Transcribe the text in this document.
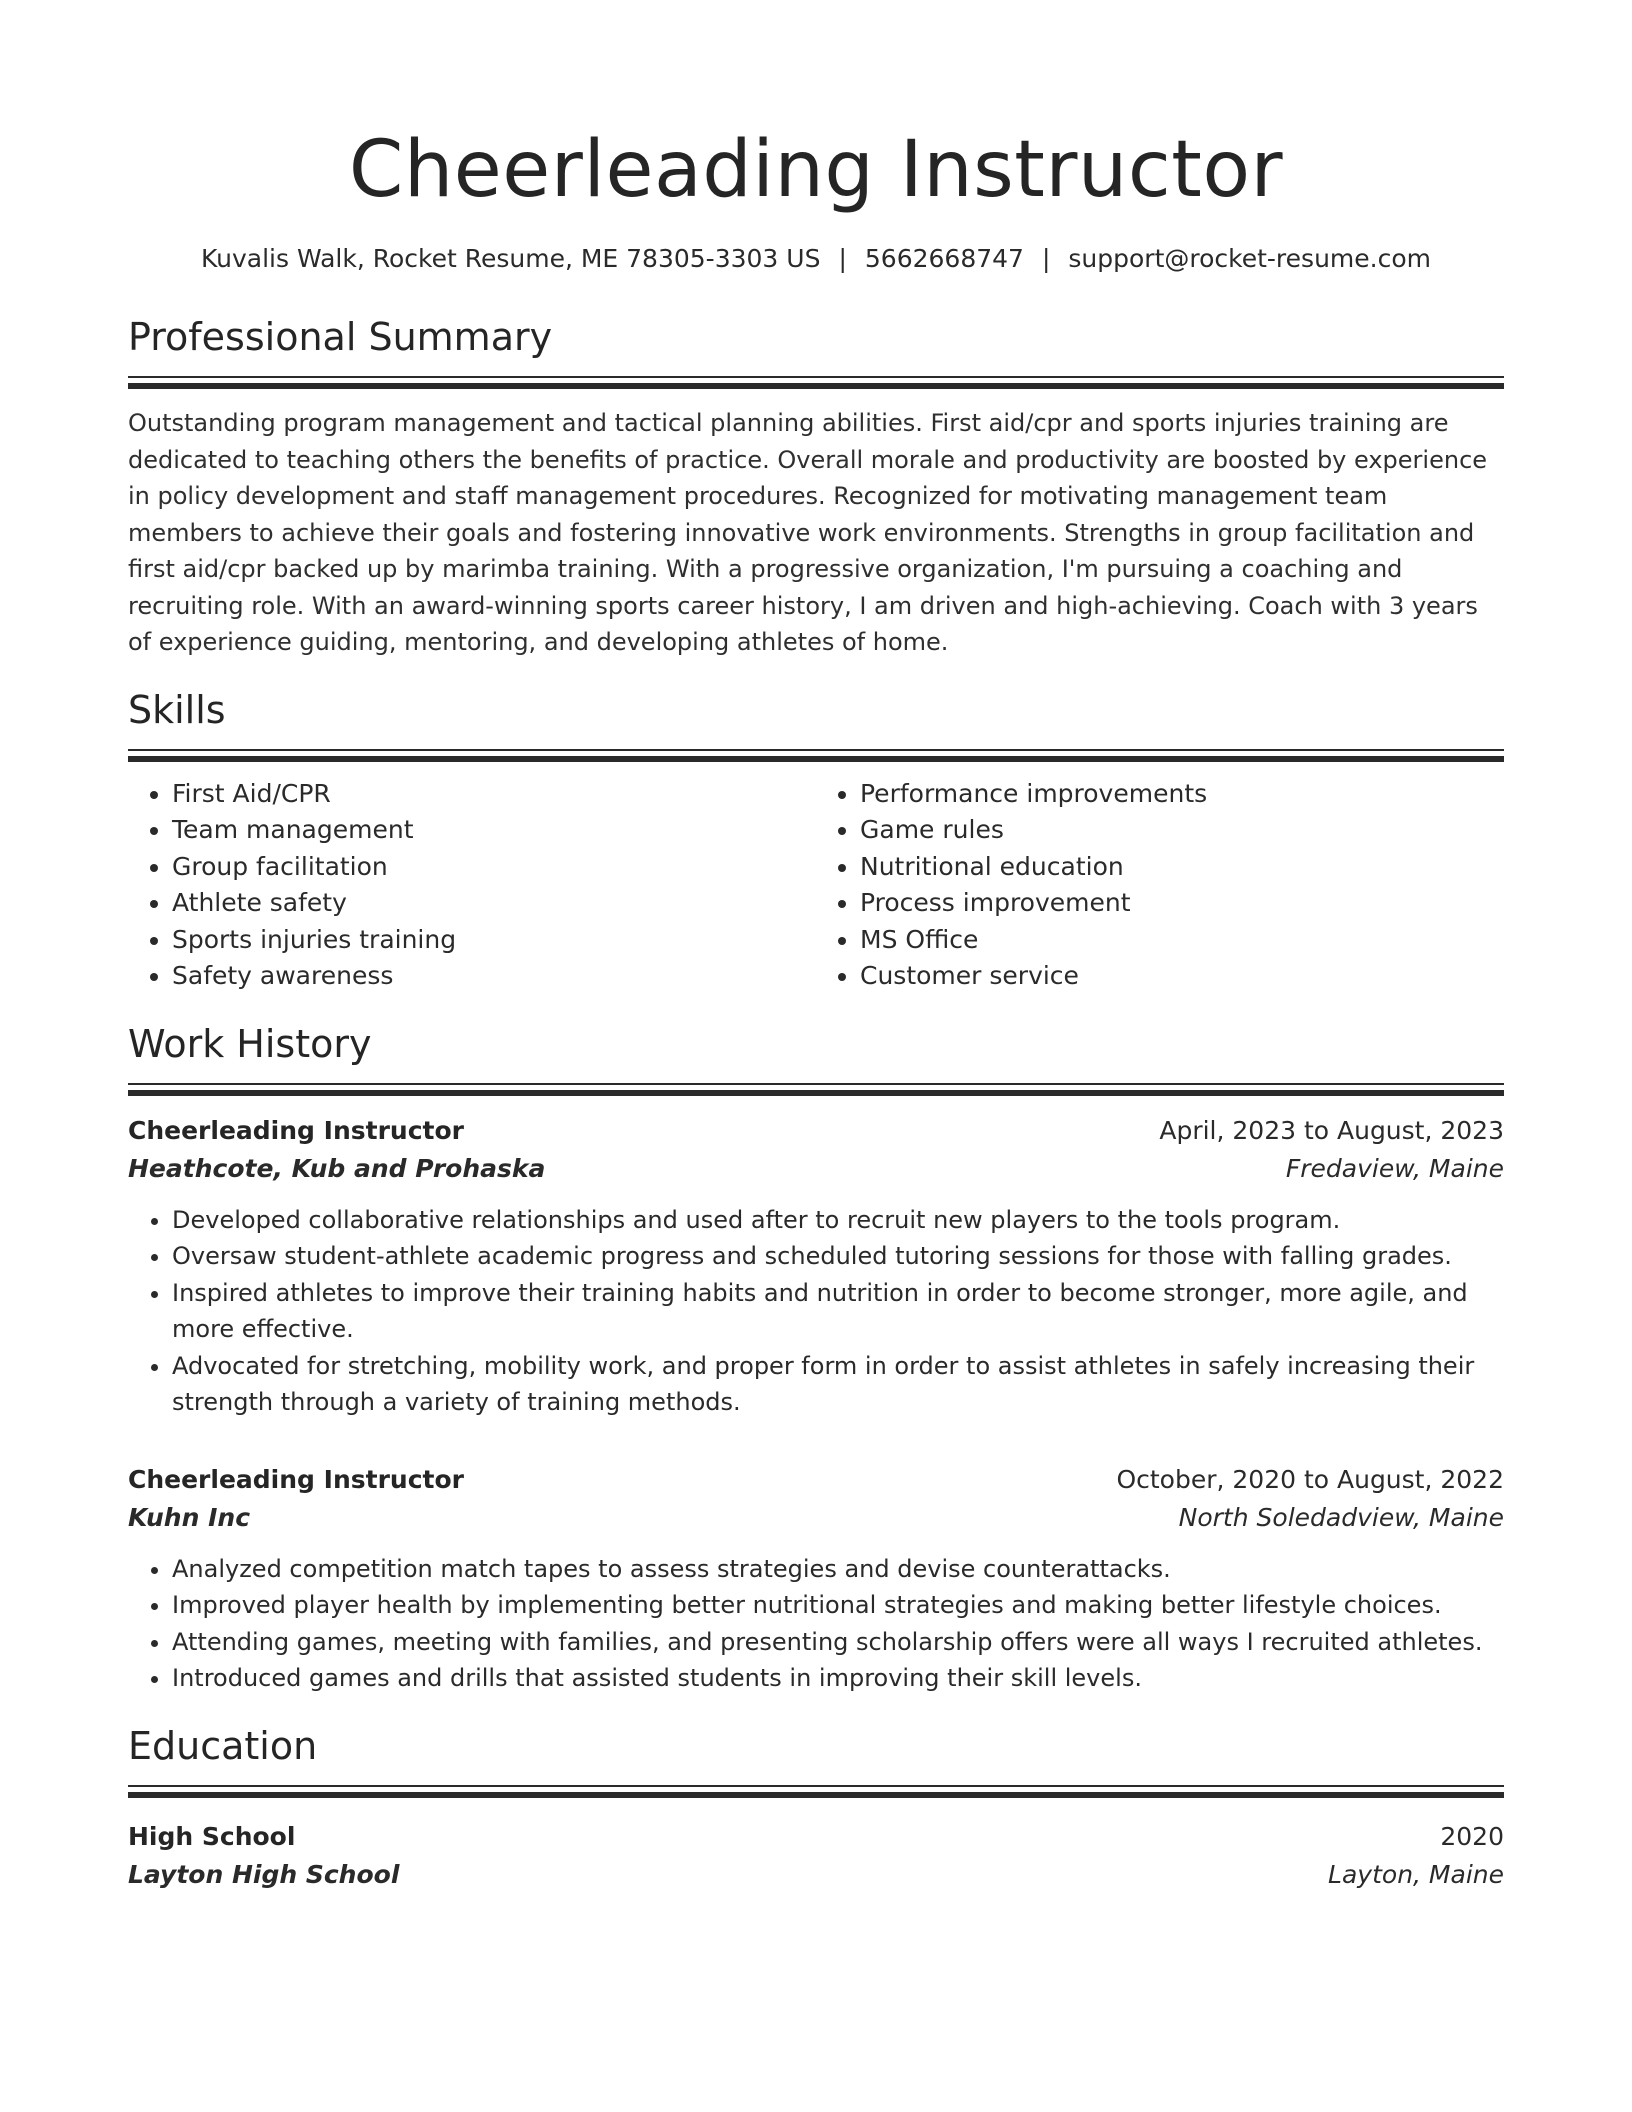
Cheerleading Instructor
Kuvalis Walk, Rocket Resume, ME 78305-3303 US | 5662668747 | support@rocket-resume.com
Professional Summary

Outstanding program management and tactical planning abilities. First aid/cpr and sports injuries training are dedicated to teaching others the benefits of practice. Overall morale and productivity are boosted by experience in policy development and staff management procedures. Recognized for motivating management team members to achieve their goals and fostering innovative work environments. Strengths in group facilitation and first aid/cpr backed up by marimba training. With a progressive organization, I'm pursuing a coaching and recruiting role. With an award-winning sports career history, I am driven and high-achieving. Coach with 3 years of experience guiding, mentoring, and developing athletes of home.

Skills
• First Aid/CPR
• Team management
• Group facilitation
• Athlete safety
• Sports injuries training
• Safety awareness
• Performance improvements
• Game rules
• Nutritional education
• Process improvement
• MS Office
• Customer service
Work History
Cheerleading Instructor	April, 2023 to August, 2023
Heathcote, Kub and Prohaska	Fredaview, Maine
• Developed collaborative relationships and used after to recruit new players to the tools program.
• Oversaw student-athlete academic progress and scheduled tutoring sessions for those with falling grades.
• Inspired athletes to improve their training habits and nutrition in order to become stronger, more agile, and more effective.
• Advocated for stretching, mobility work, and proper form in order to assist athletes in safely increasing their strength through a variety of training methods.
Cheerleading Instructor	October, 2020 to August, 2022
Kuhn Inc	North Soledadview, Maine
• Analyzed competition match tapes to assess strategies and devise counterattacks.
• Improved player health by implementing better nutritional strategies and making better lifestyle choices.
• Attending games, meeting with families, and presenting scholarship offers were all ways I recruited athletes.
• Introduced games and drills that assisted students in improving their skill levels.
Education
High School	2020
Layton High School	Layton, Maine
